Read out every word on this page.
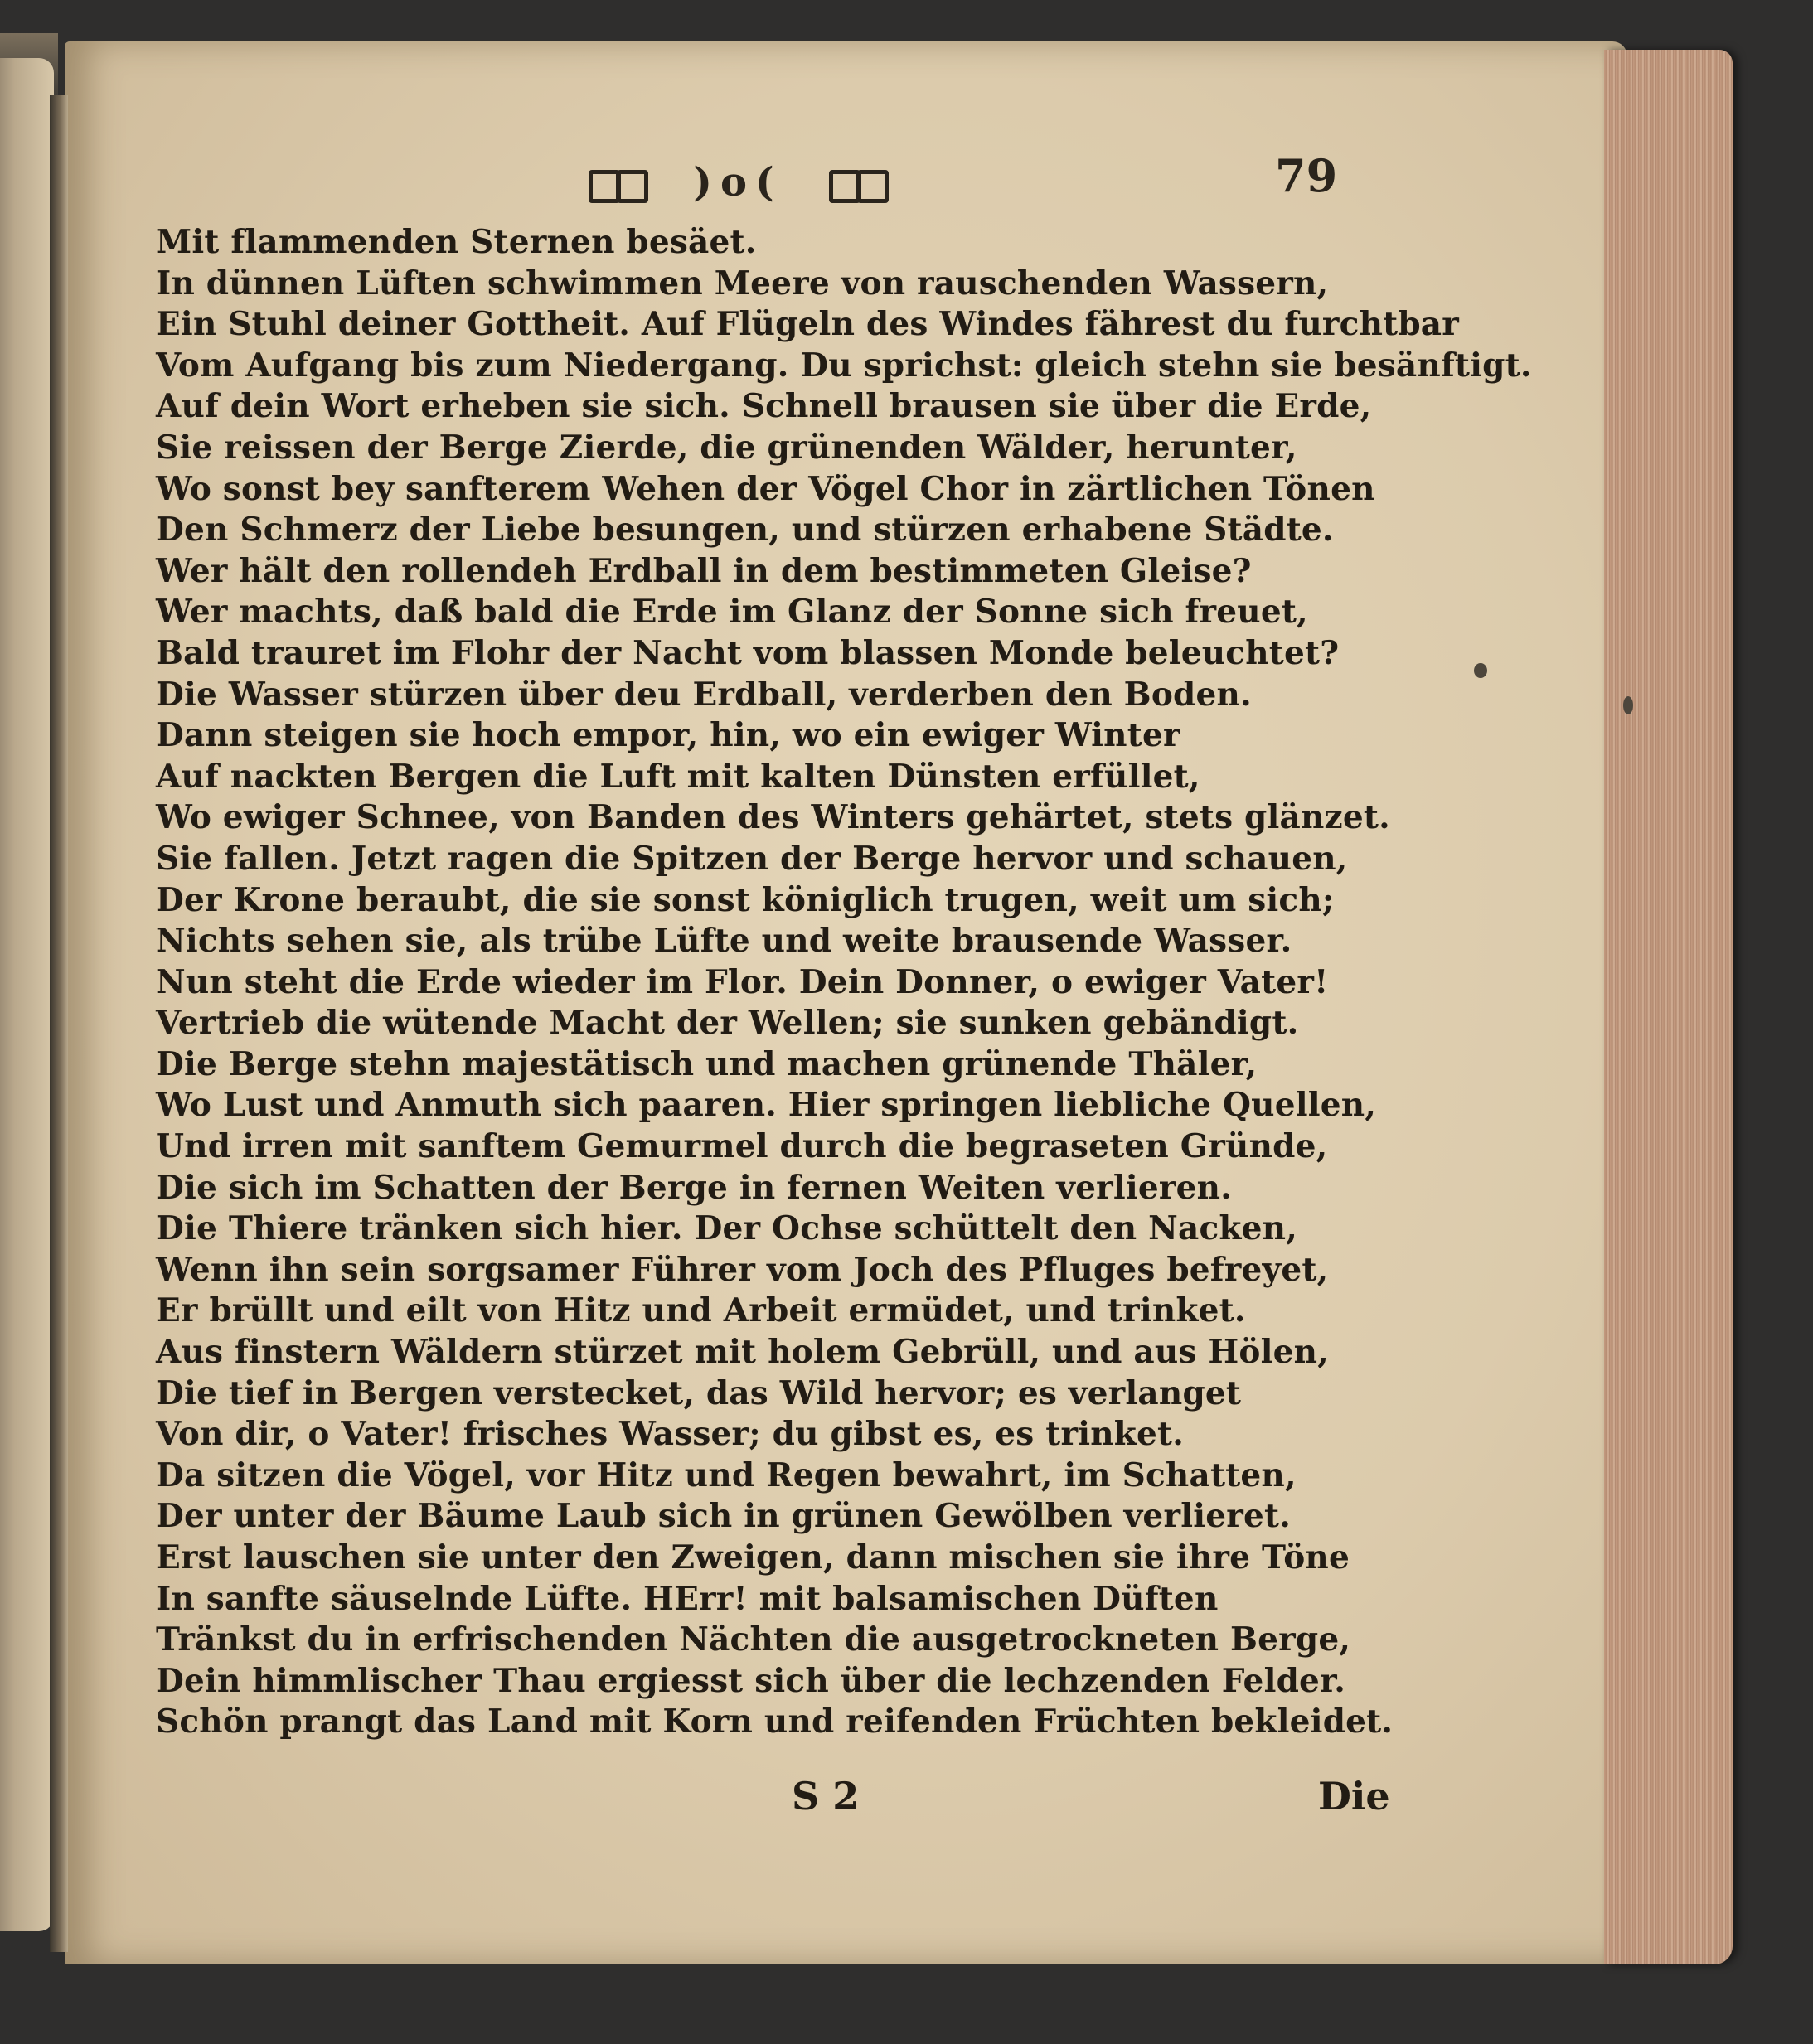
)o(	79
Mit flammenden Sternen besäet.
In dünnen Lüften schwimmen Meere von rauschenden Wassern,
Ein Stuhl deiner Gottheit. Auf Flügeln des Windes fährest du furchtbar
Vom Aufgang bis zum Niedergang. Du sprichst: gleich stehn sie besänftigt.
Auf dein Wort erheben sie sich. Schnell brausen sie über die Erde,
Sie reissen der Berge Zierde, die grünenden Wälder, herunter,
Wo sonst bey sanfterem Wehen der Vögel Chor in zärtlichen Tönen
Den Schmerz der Liebe besungen, und stürzen erhabene Städte.
Wer hält den rollendeh Erdball in dem bestimmeten Gleise?
Wer machts, daß bald die Erde im Glanz der Sonne sich freuet,
Bald trauret im Flohr der Nacht vom blassen Monde beleuchtet?
Die Wasser stürzen über deu Erdball, verderben den Boden.
Dann steigen sie hoch empor, hin, wo ein ewiger Winter
Auf nackten Bergen die Luft mit kalten Dünsten erfüllet,
Wo ewiger Schnee, von Banden des Winters gehärtet, stets glänzet.
Sie fallen. Jetzt ragen die Spitzen der Berge hervor und schauen,
Der Krone beraubt, die sie sonst königlich trugen, weit um sich;
Nichts sehen sie, als trübe Lüfte und weite brausende Wasser.
Nun steht die Erde wieder im Flor. Dein Donner, o ewiger Vater!
Vertrieb die wütende Macht der Wellen; sie sunken gebändigt.
Die Berge stehn majestätisch und machen grünende Thäler,
Wo Lust und Anmuth sich paaren. Hier springen liebliche Quellen,
Und irren mit sanftem Gemurmel durch die begraseten Gründe,
Die sich im Schatten der Berge in fernen Weiten verlieren.
Die Thiere tränken sich hier. Der Ochse schüttelt den Nacken,
Wenn ihn sein sorgsamer Führer vom Joch des Pfluges befreyet,
Er brüllt und eilt von Hitz und Arbeit ermüdet, und trinket.
Aus finstern Wäldern stürzet mit holem Gebrüll, und aus Hölen,
Die tief in Bergen verstecket, das Wild hervor; es verlanget
Von dir, o Vater! frisches Wasser; du gibst es, es trinket.
Da sitzen die Vögel, vor Hitz und Regen bewahrt, im Schatten,
Der unter der Bäume Laub sich in grünen Gewölben verlieret.
Erst lauschen sie unter den Zweigen, dann mischen sie ihre Töne
In sanfte säuselnde Lüfte. HErr! mit balsamischen Düften
Tränkst du in erfrischenden Nächten die ausgetrockneten Berge,
Dein himmlischer Thau ergiesst sich über die lechzenden Felder.
Schön prangt das Land mit Korn und reifenden Früchten bekleidet.
S 2	Die
